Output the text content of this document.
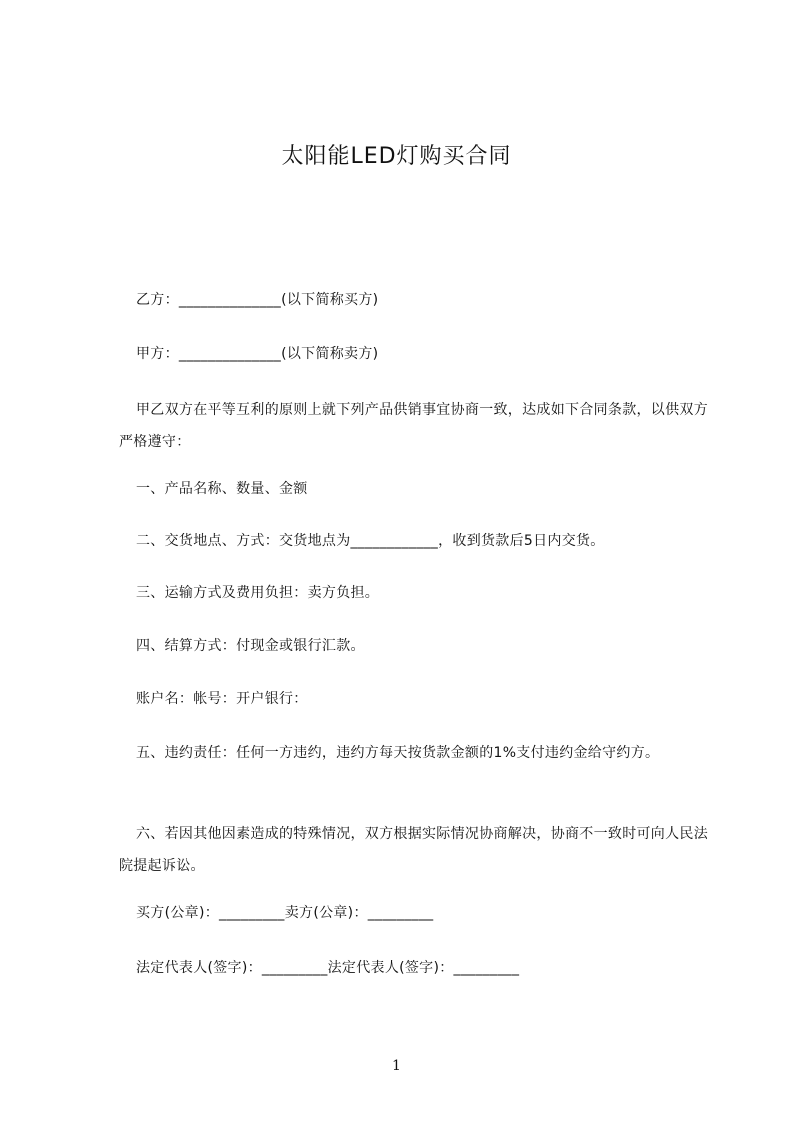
太阳能LED灯购买合同
乙方：______________(以下简称买方)
甲方：______________(以下简称卖方)
甲乙双方在平等互利的原则上就下列产品供销事宜协商一致，达成如下合同条款，以供双方严格遵守：
一、产品名称、数量、金额
二、交货地点、方式：交货地点为____________，收到货款后5日内交货。
三、运输方式及费用负担：卖方负担。
四、结算方式：付现金或银行汇款。
账户名：帐号：开户银行：
五、违约责任：任何一方违约，违约方每天按货款金额的1%支付违约金给守约方。
六、若因其他因素造成的特殊情况，双方根据实际情况协商解决，协商不一致时可向人民法院提起诉讼。
买方(公章)：_________卖方(公章)：_________
法定代表人(签字)：_________法定代表人(签字)：_________
1
